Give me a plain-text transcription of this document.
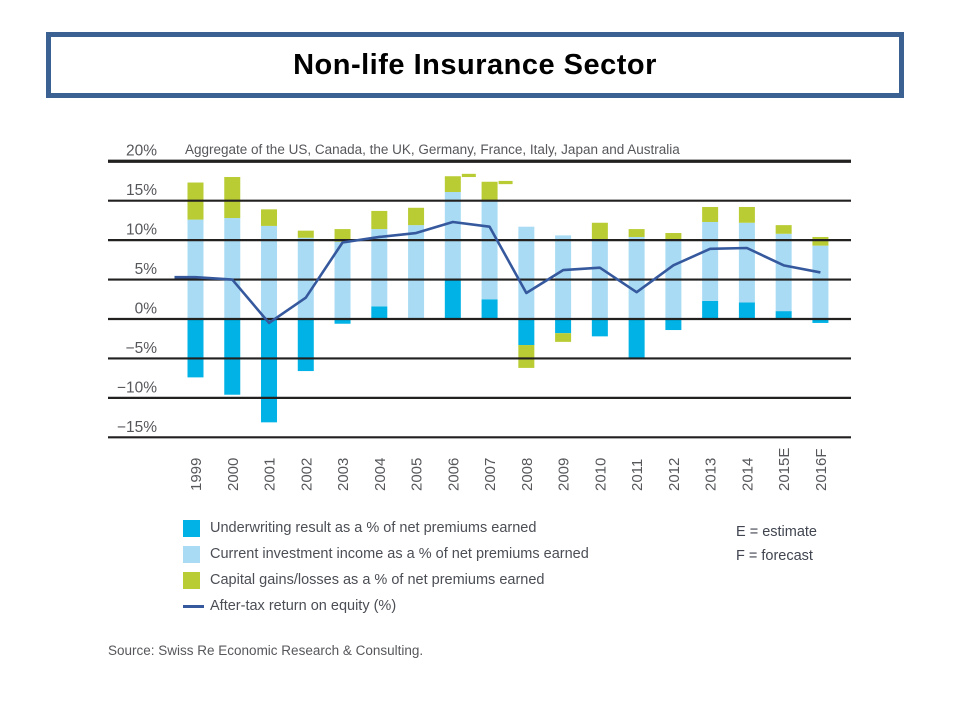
Non-life Insurance Sector
20%
15%
10%
5%
0%
−5%
−10%
−15%
Aggregate of the US, Canada, the UK, Germany, France, Italy, Japan and Australia
1999 2000 2001 2002 2003 2004 2005 2006 2007 2008 2009 2010 2011 2012 2013 2014 2015E 2016F
Underwriting result as a % of net premiums earned
Current investment income as a % of net premiums earned
Capital gains/losses as a % of net premiums earned
After-tax return on equity (%)
E = estimate
F = forecast
Source: Swiss Re Economic Research & Consulting.
